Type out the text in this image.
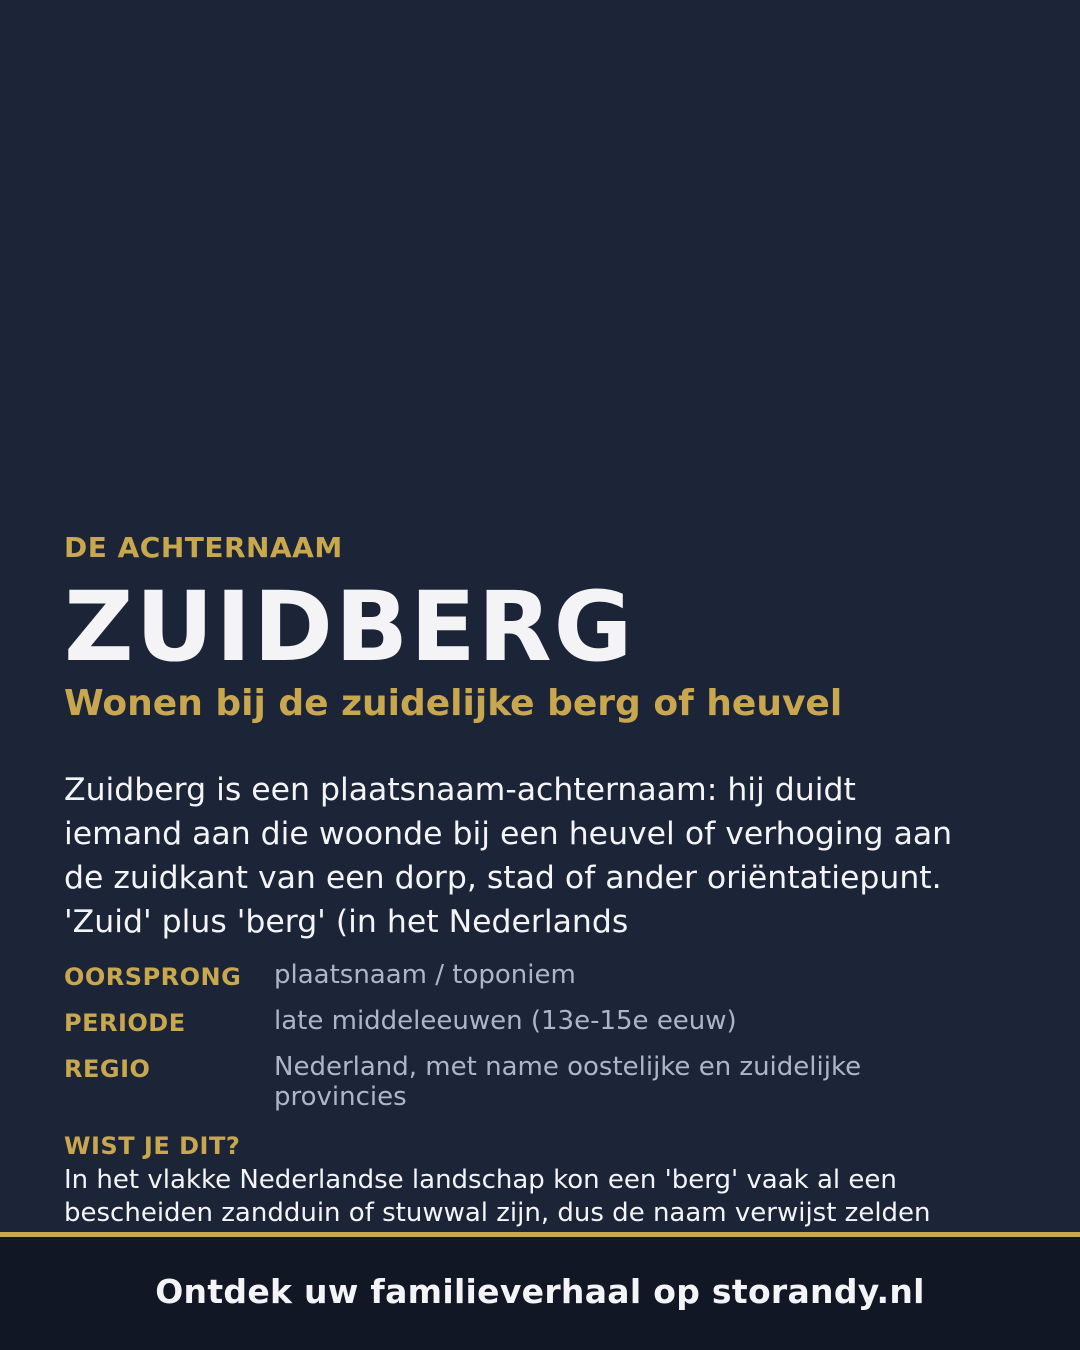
DE ACHTERNAAM
ZUIDBERG
Wonen bij de zuidelijke berg of heuvel

Zuidberg is een plaatsnaam-achternaam: hij duidt iemand aan die woonde bij een heuvel of verhoging aan de zuidkant van een dorp, stad of ander oriëntatiepunt. 'Zuid' plus 'berg' (in het Nederlands

OORSPRONG	plaatsnaam / toponiem
PERIODE	late middeleeuwen (13e-15e eeuw)
REGIO	Nederland, met name oostelijke en zuidelijke provincies
WIST JE DIT?

In het vlakke Nederlandse landschap kon een 'berg' vaak al een bescheiden zandduin of stuwwal zijn, dus de naam verwijst zelden

Ontdek uw familieverhaal op storandy.nl
